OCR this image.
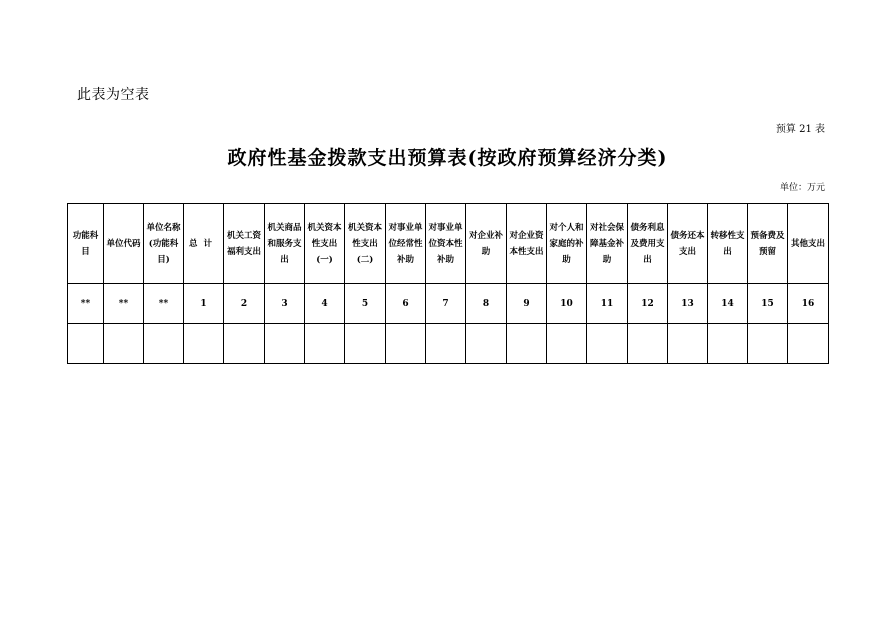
此表为空表
预算 21 表
政府性基金拨款支出预算表(按政府预算经济分类)
单位：万元
功能科目	单位代码	单位名称(功能科目)	总计	机关工资福利支出	机关商品和服务支出	机关资本性支出(一)	机关资本性支出(二)	对事业单位经常性补助	对事业单位资本性补助	对企业补助	对企业资本性支出	对个人和家庭的补助	对社会保障基金补助	债务利息及费用支出	债务还本支出	转移性支出	预备费及预留	其他支出
**	**	**	1	2	3	4	5	6	7	8	9	10	11	12	13	14	15	16
